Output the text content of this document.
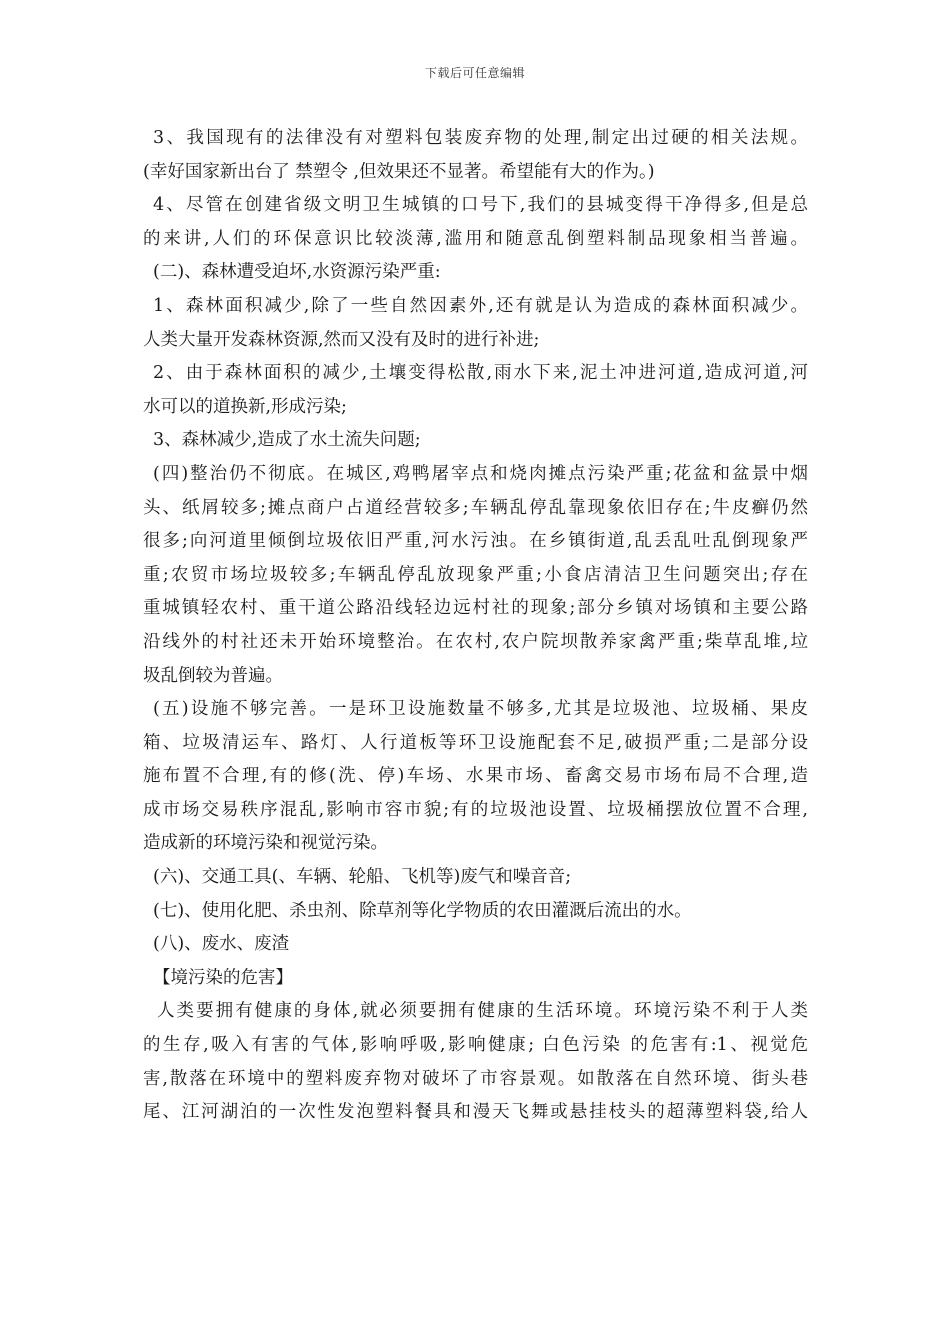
下载后可任意编辑
3、我国现有的法律没有对塑料包装废弃物的处理,制定出过硬的相关法规。
(幸好国家新出台了 禁塑令 ,但效果还不显著。希望能有大的作为。)
4、尽管在创建省级文明卫生城镇的口号下,我们的县城变得干净得多,但是总
的来讲,人们的环保意识比较淡薄,滥用和随意乱倒塑料制品现象相当普遍。
(二)、森林遭受迫坏,水资源污染严重:
1、森林面积减少,除了一些自然因素外,还有就是认为造成的森林面积减少。
人类大量开发森林资源,然而又没有及时的进行补进;
2、由于森林面积的减少,土壤变得松散,雨水下来,泥土冲进河道,造成河道,河
水可以的道换新,形成污染;
3、森林减少,造成了水土流失问题;
(四)整治仍不彻底。在城区,鸡鸭屠宰点和烧肉摊点污染严重;花盆和盆景中烟
头、纸屑较多;摊点商户占道经营较多;车辆乱停乱靠现象依旧存在;牛皮癣仍然
很多;向河道里倾倒垃圾依旧严重,河水污浊。在乡镇街道,乱丢乱吐乱倒现象严
重;农贸市场垃圾较多;车辆乱停乱放现象严重;小食店清洁卫生问题突出;存在
重城镇轻农村、重干道公路沿线轻边远村社的现象;部分乡镇对场镇和主要公路
沿线外的村社还未开始环境整治。在农村,农户院坝散养家禽严重;柴草乱堆,垃
圾乱倒较为普遍。
(五)设施不够完善。一是环卫设施数量不够多,尤其是垃圾池、垃圾桶、果皮
箱、垃圾清运车、路灯、人行道板等环卫设施配套不足,破损严重;二是部分设
施布置不合理,有的修(洗、停)车场、水果市场、畜禽交易市场布局不合理,造
成市场交易秩序混乱,影响市容市貌;有的垃圾池设置、垃圾桶摆放位置不合理,
造成新的环境污染和视觉污染。
(六)、交通工具(、车辆、轮船、飞机等)废气和噪音音;
(七)、使用化肥、杀虫剂、除草剂等化学物质的农田灌溉后流出的水。
(八)、废水、废渣
【境污染的危害】
人类要拥有健康的身体,就必须要拥有健康的生活环境。环境污染不利于人类
的生存,吸入有害的气体,影响呼吸,影响健康; 白色污染 的危害有:1、视觉危
害,散落在环境中的塑料废弃物对破坏了市容景观。如散落在自然环境、街头巷
尾、江河湖泊的一次性发泡塑料餐具和漫天飞舞或悬挂枝头的超薄塑料袋,给人
